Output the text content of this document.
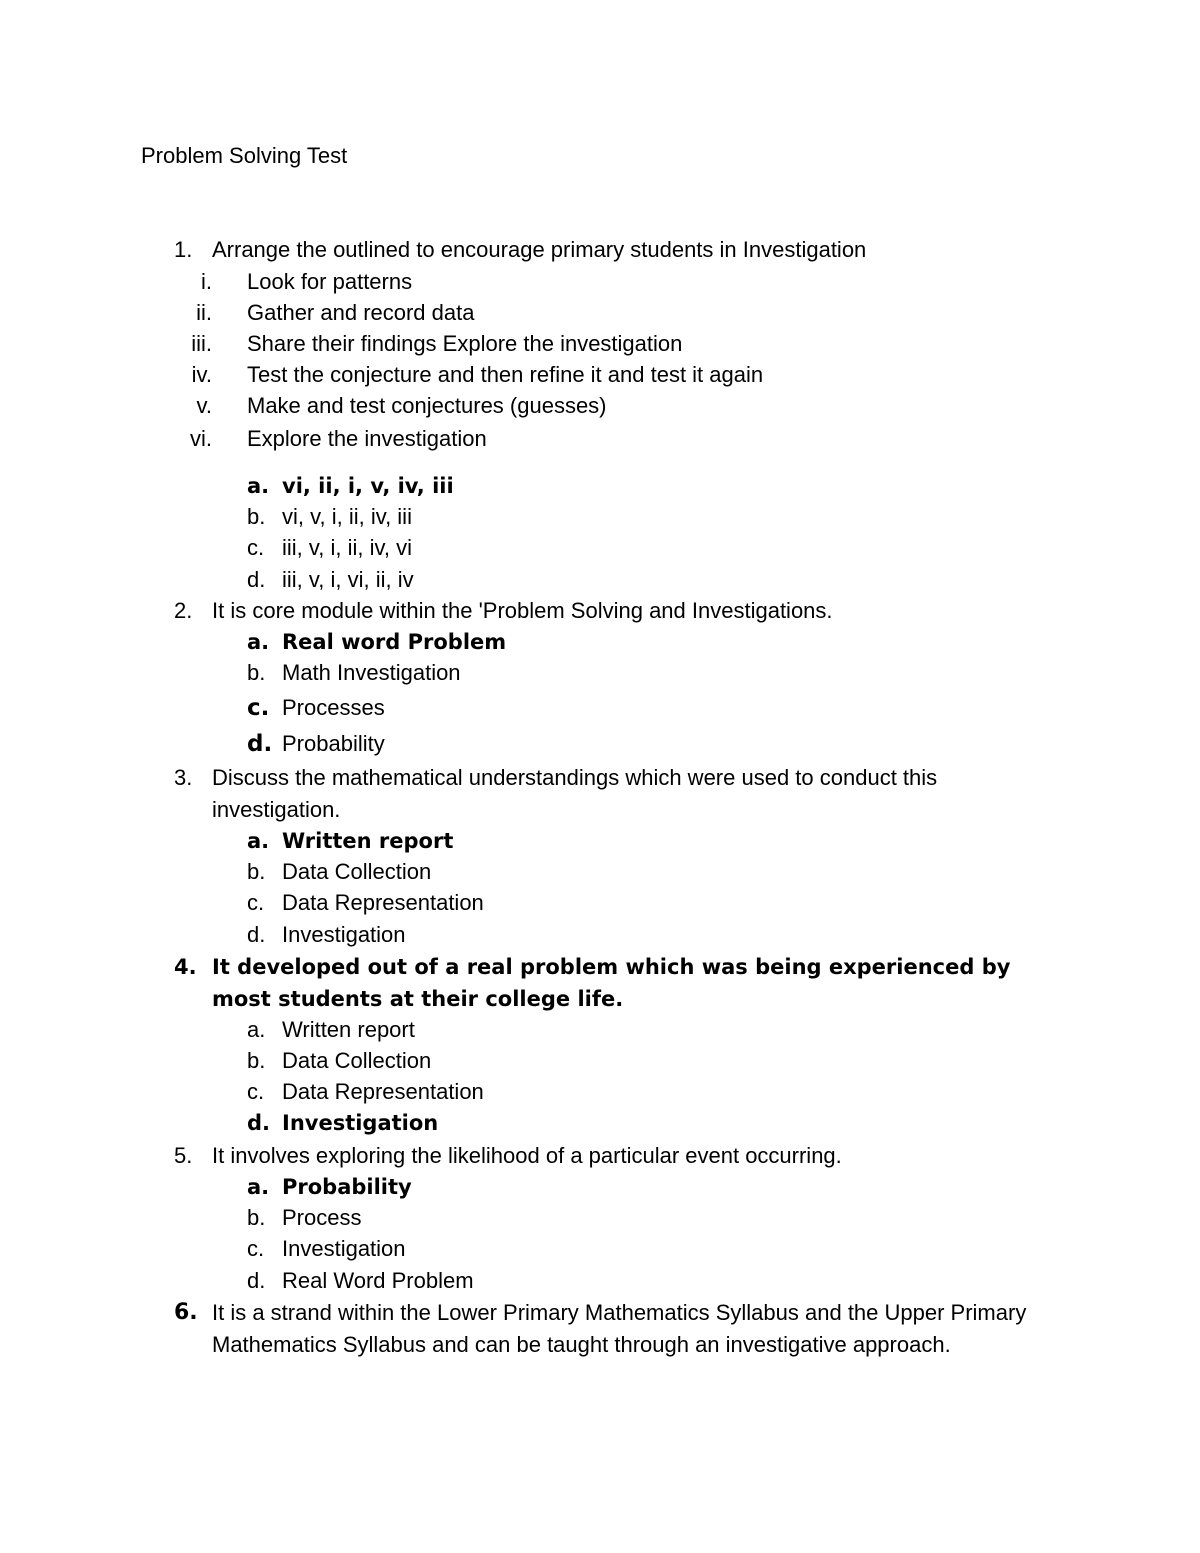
Problem Solving Test
1. Arrange the outlined to encourage primary students in Investigation
i. Look for patterns
ii. Gather and record data
iii. Share their findings Explore the investigation
iv. Test the conjecture and then refine it and test it again
v. Make and test conjectures (guesses)
vi. Explore the investigation
a. vi, ii, i, v, iv, iii
b. vi, v, i, ii, iv, iii
c. iii, v, i, ii, iv, vi
d. iii, v, i, vi, ii, iv
2. It is core module within the 'Problem Solving and Investigations.
a. Real word Problem
b. Math Investigation
c. Processes
d. Probability
3. Discuss the mathematical understandings which were used to conduct this investigation.
a. Written report
b. Data Collection
c. Data Representation
d. Investigation
4. It developed out of a real problem which was being experienced by most students at their college life.
a. Written report
b. Data Collection
c. Data Representation
d. Investigation
5. It involves exploring the likelihood of a particular event occurring.
a. Probability
b. Process
c. Investigation
d. Real Word Problem
6. It is a strand within the Lower Primary Mathematics Syllabus and the Upper Primary Mathematics Syllabus and can be taught through an investigative approach.
